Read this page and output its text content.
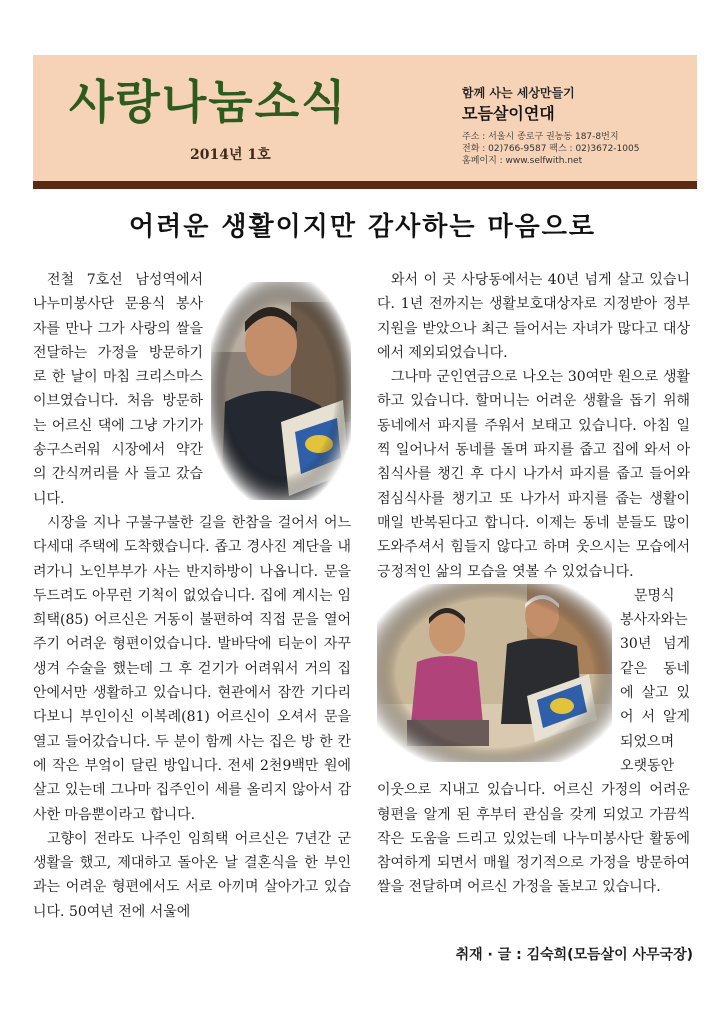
사랑나눔소식
2014년 1호
함께 사는 세상만들기
모듬살이연대
주소 : 서울시 종로구 권농동 187-8번지
전화 : 02)766-9587 팩스 : 02)3672-1005
홈페이지 : www.selfwith.net
어려운 생활이지만 감사하는 마음으로

전철 7호선 남성역에서 나누미봉사단 문용식 봉사자를 만나 그가 사랑의 쌀을 전달하는 가정을 방문하기로 한 날이 마침 크리스마스 이브였습니다. 처음 방문하는 어르신 댁에 그냥 가기가 송구스러워 시장에서 약간의 간식꺼리를 사 들고 갔습니다.

시장을 지나 구불구불한 길을 한참을 걸어서 어느 다세대 주택에 도착했습니다. 좁고 경사진 계단을 내려가니 노인부부가 사는 반지하방이 나옵니다. 문을 두드려도 아무런 기척이 없었습니다. 집에 계시는 임희택(85) 어르신은 거동이 불편하여 직접 문을 열어주기 어려운 형편이었습니다. 발바닥에 티눈이 자꾸 생겨 수술을 했는데 그 후 걷기가 어려워서 거의 집안에서만 생활하고 있습니다. 현관에서 잠깐 기다리다보니 부인이신 이복례(81) 어르신이 오셔서 문을 열고 들어갔습니다. 두 분이 함께 사는 집은 방 한 칸에 작은 부엌이 달린 방입니다. 전세 2천9백만 원에 살고 있는데 그나마 집주인이 세를 올리지 않아서 감사한 마음뿐이라고 합니다.

고향이 전라도 나주인 임희택 어르신은 7년간 군 생활을 했고, 제대하고 돌아온 날 결혼식을 한 부인과는 어려운 형편에서도 서로 아끼며 살아가고 있습니다. 50여년 전에 서울에

와서 이 곳 사당동에서는 40년 넘게 살고 있습니다. 1년 전까지는 생활보호대상자로 지정받아 정부지원을 받았으나 최근 들어서는 자녀가 많다고 대상에서 제외되었습니다.

그나마 군인연금으로 나오는 30여만 원으로 생활하고 있습니다. 할머니는 어려운 생활을 돕기 위해 동네에서 파지를 주워서 보태고 있습니다. 아침 일찍 일어나서 동네를 돌며 파지를 줍고 집에 와서 아침식사를 챙긴 후 다시 나가서 파지를 줍고 들어와 점심식사를 챙기고 또 나가서 파지를 줍는 생활이 매일 반복된다고 합니다. 이제는 동네 분들도 많이 도와주셔서 힘들지 않다고 하며 웃으시는 모습에서 긍정적인 삶의 모습을 엿볼 수 있었습니다.

문명식 봉사자와는 30년 넘게 같은 동네에 살고 있어 서 알게 되었으며 오랫동안 이웃으로 지내고 있습니다. 어르신 가정의 어려운 형편을 알게 된 후부터 관심을 갖게 되었고 가끔씩 작은 도움을 드리고 있었는데 나누미봉사단 활동에 참여하게 되면서 매월 정기적으로 가정을 방문하여 쌀을 전달하며 어르신 가정을 돌보고 있습니다.

취재 · 글 : 김숙희(모듬살이 사무국장)
